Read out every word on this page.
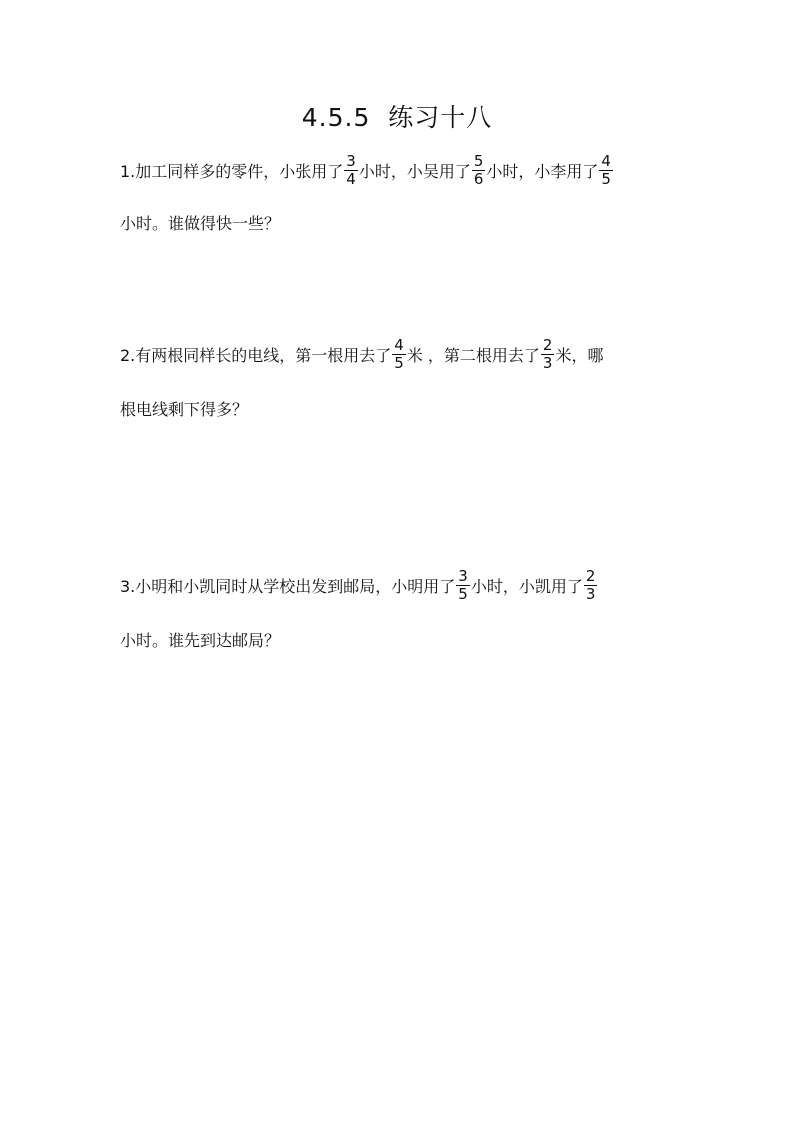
4.5.5  练习十八
1.加工同样多的零件，小张用了 $\frac{3}{4}$ 小时，小吴用了 $\frac{5}{6}$ 小时，小李用了 $\frac{4}{5}$
小时。谁做得快一些？
2.有两根同样长的电线，第一根用去了 $\frac{4}{5}$ 米 ，第二根用去了 $\frac{2}{3}$ 米，哪
根电线剩下得多？
3.小明和小凯同时从学校出发到邮局，小明用了 $\frac{3}{5}$ 小时，小凯用了 $\frac{2}{3}$
小时。谁先到达邮局？
